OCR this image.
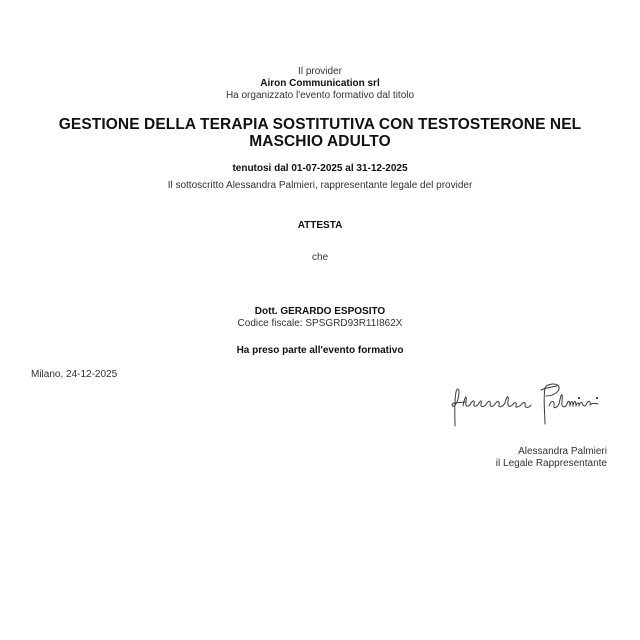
Il provider
Airon Communication srl
Ha organizzato l'evento formativo dal titolo
GESTIONE DELLA TERAPIA SOSTITUTIVA CON TESTOSTERONE NEL MASCHIO ADULTO
tenutosi dal 01-07-2025 al 31-12-2025
Il sottoscritto Alessandra Palmieri, rappresentante legale del provider
ATTESTA
che
Dott. GERARDO ESPOSITO
Codice fiscale: SPSGRD93R11I862X
Ha preso parte all'evento formativo
Milano, 24-12-2025
Alessandra Palmieri
il Legale Rappresentante
